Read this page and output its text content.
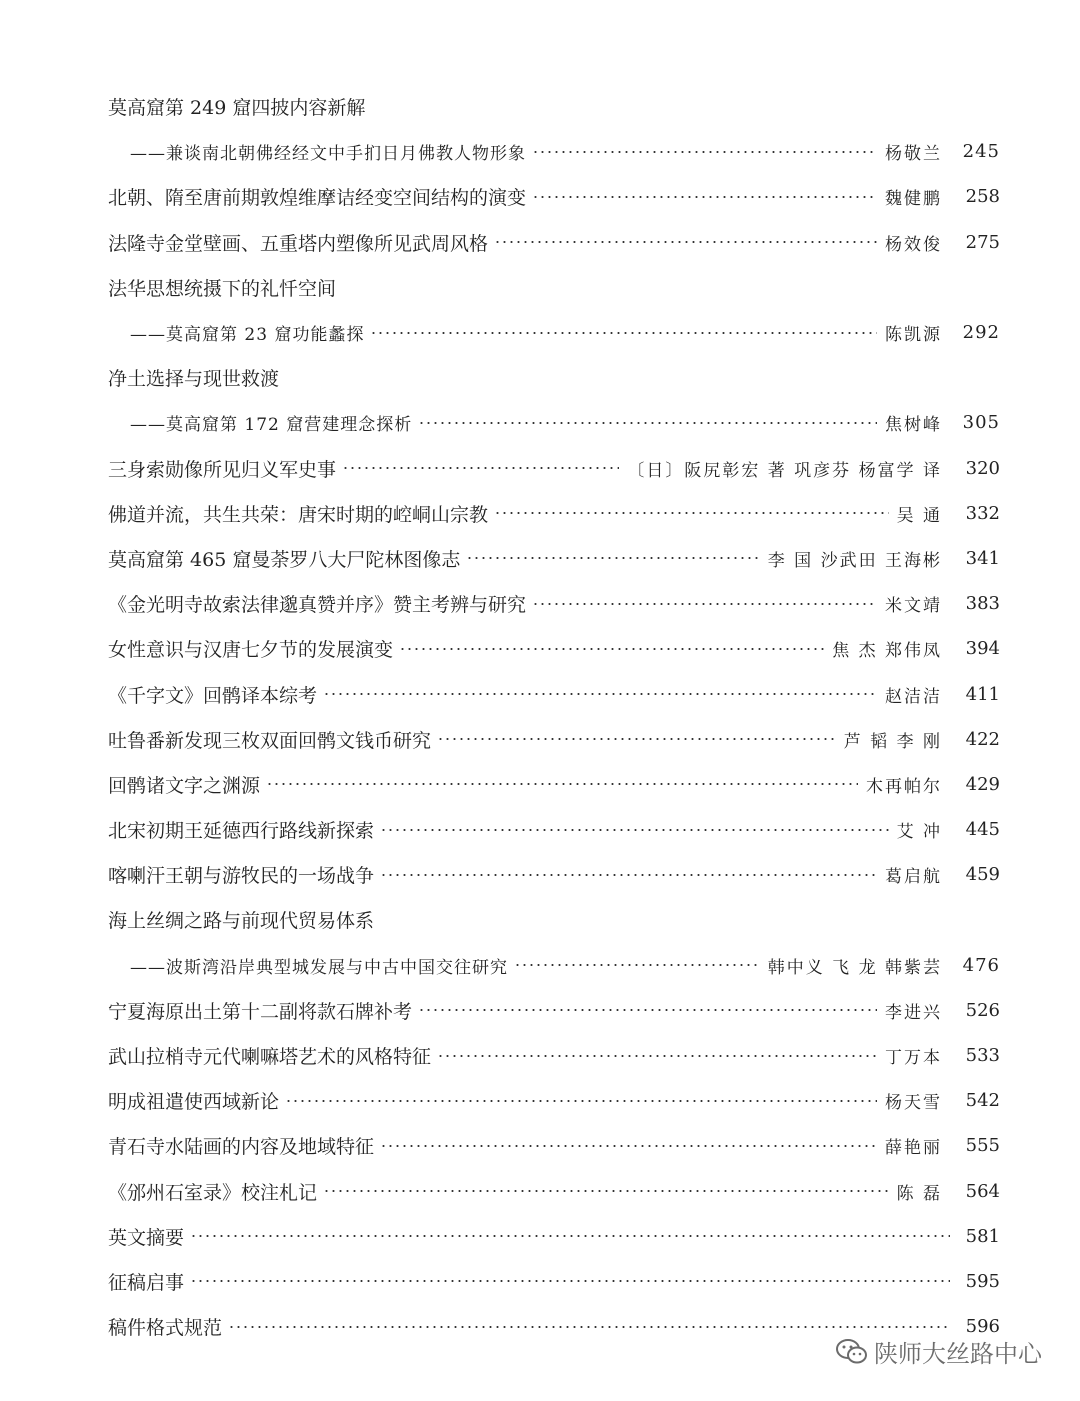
莫高窟第 249 窟四披内容新解
——兼谈南北朝佛经经文中手扪日月佛教人物形象	杨敬兰 245
北朝、隋至唐前期敦煌维摩诘经变空间结构的演变	魏健鹏	258
法隆寺金堂壁画、五重塔内塑像所见武周风格	杨效俊	275
法华思想统摄下的礼忏空间
——莫高窟第 23 窟功能蠡探	陈凯源 292
净土选择与现世救渡
——莫高窟第 172 窟营建理念探析	焦树峰 305
三身索勋像所见归义军史事	〔日〕阪尻彰宏 著 巩彦芬 杨富学 译	320
佛道并流，共生共荣：唐宋时期的崆峒山宗教	吴 通	332
莫高窟第 465 窟曼荼罗八大尸陀林图像志	李 国 沙武田 王海彬	341
《金光明寺故索法律邈真赞并序》赞主考辨与研究	米文靖	383
女性意识与汉唐七夕节的发展演变	焦 杰 郑伟凤	394
《千字文》回鹘译本综考	赵洁洁	411
吐鲁番新发现三枚双面回鹘文钱币研究	芦 韬 李 刚	422
回鹘诸文字之渊源	木再帕尔	429
北宋初期王延德西行路线新探索	艾 冲	445
喀喇汗王朝与游牧民的一场战争	葛启航	459
海上丝绸之路与前现代贸易体系
——波斯湾沿岸典型城发展与中古中国交往研究	韩中义 飞 龙 韩紫芸 476
宁夏海原出土第十二副将款石牌补考	李进兴	526
武山拉梢寺元代喇嘛塔艺术的风格特征	丁万本	533
明成祖遣使西域新论	杨天雪	542
青石寺水陆画的内容及地域特征	薛艳丽	555
《邠州石室录》校注札记	陈 磊	564
英文摘要	581
征稿启事	595
稿件格式规范	596
陕师大丝路中心
